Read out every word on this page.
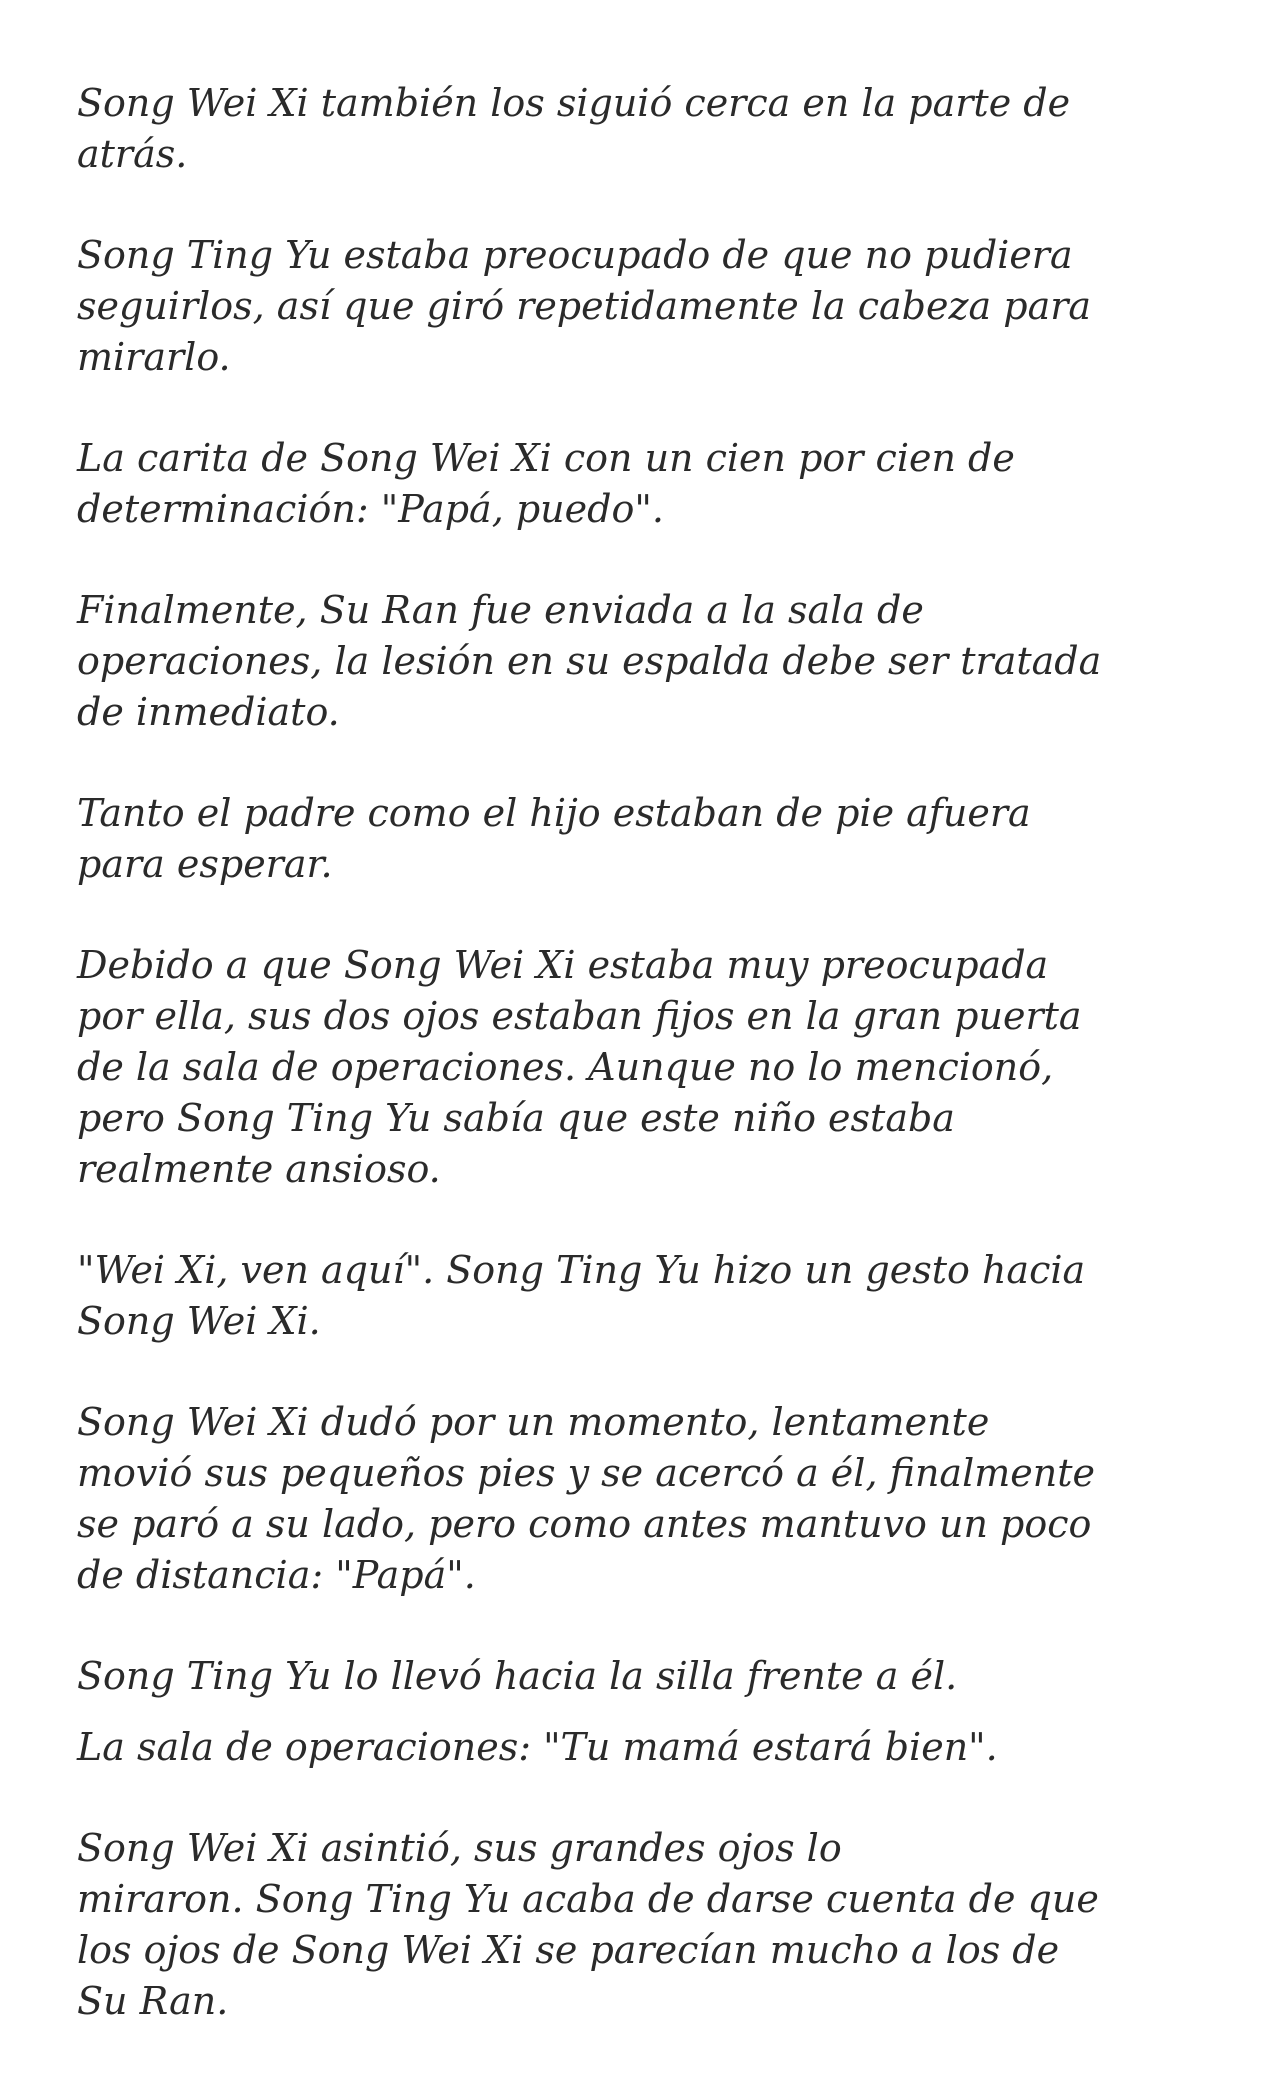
Song Wei Xi también los siguió cerca en la parte de
atrás.

Song Ting Yu estaba preocupado de que no pudiera
seguirlos, así que giró repetidamente la cabeza para
mirarlo.

La carita de Song Wei Xi con un cien por cien de
determinación: "Papá, puedo".

Finalmente, Su Ran fue enviada a la sala de
operaciones, la lesión en su espalda debe ser tratada
de inmediato.

Tanto el padre como el hijo estaban de pie afuera
para esperar.

Debido a que Song Wei Xi estaba muy preocupada
por ella, sus dos ojos estaban fijos en la gran puerta
de la sala de operaciones. Aunque no lo mencionó,
pero Song Ting Yu sabía que este niño estaba
realmente ansioso.

"Wei Xi, ven aquí". Song Ting Yu hizo un gesto hacia
Song Wei Xi.

Song Wei Xi dudó por un momento, lentamente
movió sus pequeños pies y se acercó a él, finalmente
se paró a su lado, pero como antes mantuvo un poco
de distancia: "Papá".

Song Ting Yu lo llevó hacia la silla frente a él.

La sala de operaciones: "Tu mamá estará bien".

Song Wei Xi asintió, sus grandes ojos lo
miraron. Song Ting Yu acaba de darse cuenta de que
los ojos de Song Wei Xi se parecían mucho a los de
Su Ran.
